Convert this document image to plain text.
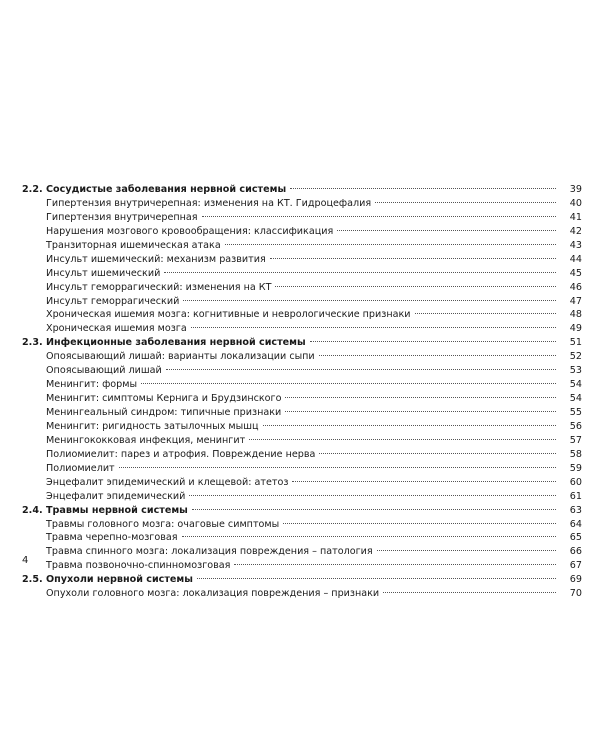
2.2. Сосудистые заболевания нервной системы	39
Гипертензия внутричерепная: изменения на КТ. Гидроцефалия	40
Гипертензия внутричерепная	41
Нарушения мозгового кровообращения: классификация	42
Транзиторная ишемическая атака	43
Инсульт ишемический: механизм развития	44
Инсульт ишемический	45
Инсульт геморрагический: изменения на КТ	46
Инсульт геморрагический	47
Хроническая ишемия мозга: когнитивные и неврологические признаки	48
Хроническая ишемия мозга	49
2.3. Инфекционные заболевания нервной системы	51
Опоясывающий лишай: варианты локализации сыпи	52
Опоясывающий лишай	53
Менингит: формы	54
Менингит: симптомы Кернига и Брудзинского	54
Менингеальный синдром: типичные признаки	55
Менингит: ригидность затылочных мышц	56
Менингококковая инфекция, менингит	57
Полиомиелит: парез и атрофия. Повреждение нерва	58
Полиомиелит	59
Энцефалит эпидемический и клещевой: атетоз	60
Энцефалит эпидемический	61
2.4. Травмы нервной системы	63
Травмы головного мозга: очаговые симптомы	64
Травма черепно-мозговая	65
Травма спинного мозга: локализация повреждения – патология	66
Травма позвоночно-спинномозговая	67
2.5. Опухоли нервной системы	69
Опухоли головного мозга: локализация повреждения – признаки	70
4
